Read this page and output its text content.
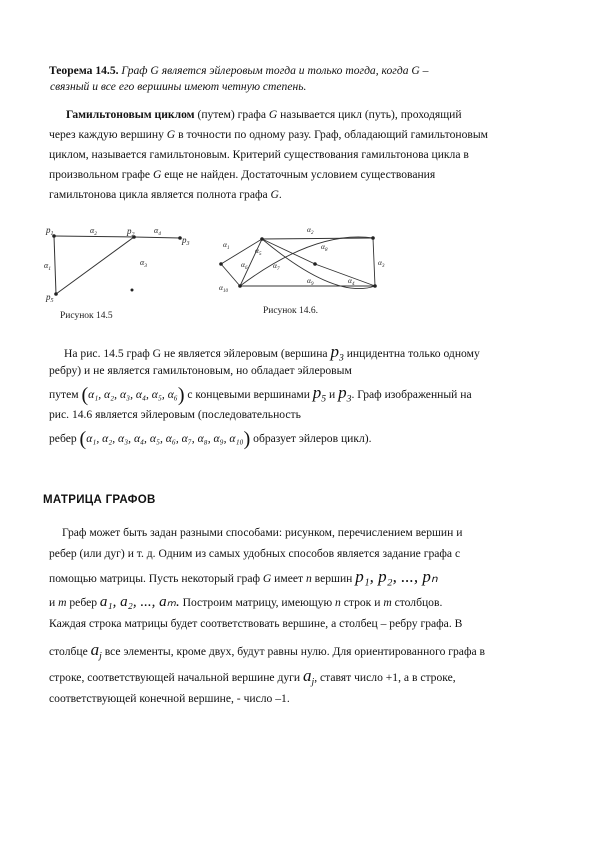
Теорема 14.5. Граф G является эйлеровым тогда и только тогда, когда G –
связный и все его вершины имеют четную степень.
Гамильтоновым циклом (путем) графа G называется цикл (путь), проходящий
через каждую вершину G в точности по одному разу. Граф, обладающий гамильтоновым
циклом, называется гамильтоновым. Критерий существования гамильтонова цикла в
произвольном графе G еще не найден. Достаточным условием существования
гамильтонова цикла является полнота графа G.
$p_1$	$p_2$	$p_3$
$p_5$
$\alpha_2$	$\alpha_4$
$\alpha_1$
$\alpha_3$
Рисунок 14.5
$\alpha_2$
$\alpha_3$
$\alpha_1$
$\alpha_{10}$
$\alpha_5$
$\alpha_6$	$\alpha_7$
$\alpha_8$
$\alpha_9$	$\alpha_4$
Рисунок 14.6.
На рис. 14.5 граф G не является эйлеровым (вершина $p_3$ инцидентна только одному
ребру) и не является гамильтоновым, но обладает эйлеровым
путем (α₁, α₂, α₃, α₄, α₅, α₆) с концевыми вершинами $p_5$ и $p_3$. Граф изображенный на
рис. 14.6 является эйлеровым (последовательность
ребер (α₁, α₂, α₃, α₄, α₅, α₆, α₇, α₈, α₉, α₁₀) образует эйлеров цикл).
МАТРИЦА ГРАФОВ
Граф может быть задан разными способами: рисунком, перечислением вершин и
ребер (или дуг) и т. д. Одним из самых удобных способов является задание графа с
помощью матрицы. Пусть некоторый граф G имеет n вершин p₁, p₂, ..., pₙ
и m ребер a₁, a₂, ..., aₘ. Построим матрицу, имеющую n строк и m столбцов.
Каждая строка матрицы будет соответствовать вершине, а столбец – ребру графа. В
столбце $a_j$ все элементы, кроме двух, будут равны нулю. Для ориентированного графа в
строке, соответствующей начальной вершине дуги $a_j$, ставят число +1, а в строке,
соответствующей конечной вершине, - число –1.
